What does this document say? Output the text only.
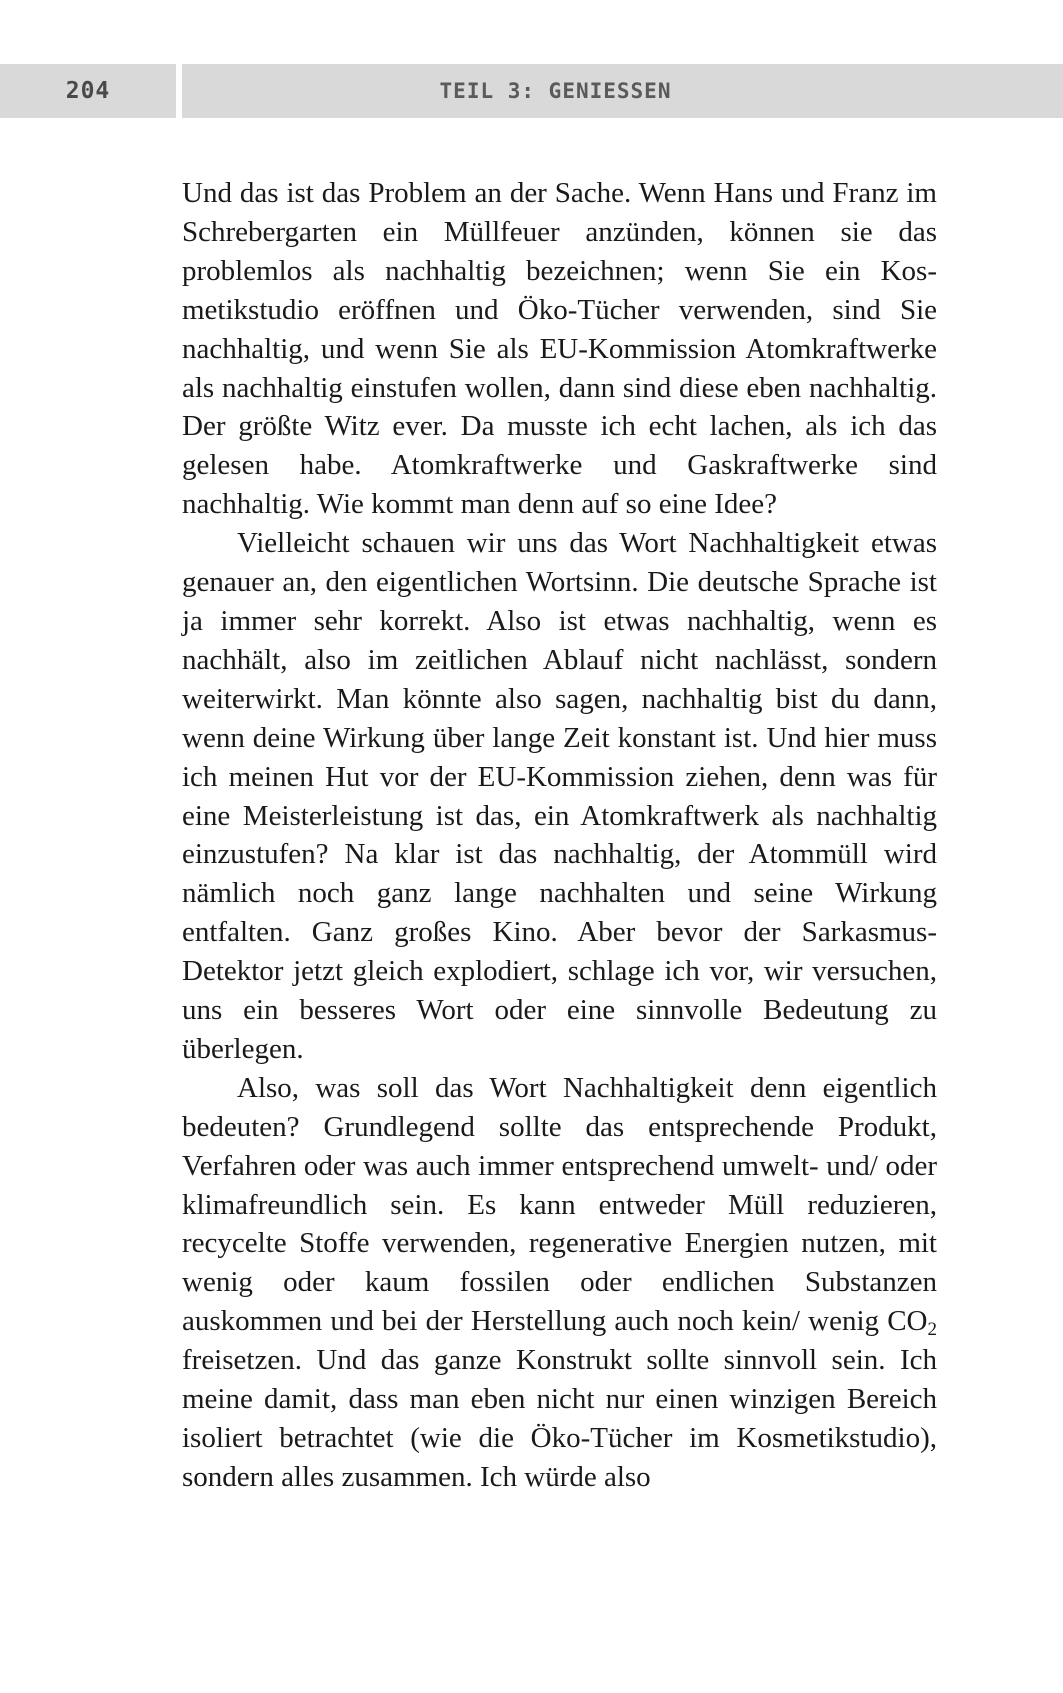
204	TEIL 3: GENIESSEN

Und das ist das Problem an der Sache. Wenn Hans und Franz im Schrebergarten ein Müllfeuer anzünden, können sie das problemlos als nachhaltig bezeichnen; wenn Sie ein Kosmetikstudio eröffnen und Öko-Tücher verwenden, sind Sie nachhaltig, und wenn Sie als EU-Kommission Atomkraftwerke als nachhaltig einstufen wollen, dann sind diese eben nachhaltig. Der größte Witz ever. Da musste ich echt lachen, als ich das gelesen habe. Atomkraftwerke und Gaskraftwerke sind nachhaltig. Wie kommt man denn auf so eine Idee?

Vielleicht schauen wir uns das Wort Nachhaltigkeit etwas genauer an, den eigentlichen Wortsinn. Die deutsche Sprache ist ja immer sehr korrekt. Also ist etwas nachhaltig, wenn es nachhält, also im zeitlichen Ablauf nicht nachlässt, sondern weiterwirkt. Man könnte also sagen, nachhaltig bist du dann, wenn deine Wirkung über lange Zeit konstant ist. Und hier muss ich meinen Hut vor der EU-Kommission ziehen, denn was für eine Meisterleistung ist das, ein Atomkraftwerk als nachhaltig einzustufen? Na klar ist das nachhaltig, der Atommüll wird nämlich noch ganz lange nachhalten und seine Wirkung entfalten. Ganz großes Kino. Aber bevor der Sarkasmus-Detektor jetzt gleich explodiert, schlage ich vor, wir versuchen, uns ein besseres Wort oder eine sinnvolle Bedeutung zu überlegen.

Also, was soll das Wort Nachhaltigkeit denn eigentlich bedeuten? Grundlegend sollte das entsprechende Produkt, Verfahren oder was auch immer entsprechend umwelt- und/ oder klimafreundlich sein. Es kann entweder Müll reduzieren, recycelte Stoffe verwenden, regenerative Energien nutzen, mit wenig oder kaum fossilen oder endlichen Substanzen auskommen und bei der Herstellung auch noch kein/ wenig $CO_2$ freisetzen. Und das ganze Konstrukt sollte sinnvoll sein. Ich meine damit, dass man eben nicht nur einen winzigen Bereich isoliert betrachtet (wie die Öko-Tücher im Kosmetikstudio), sondern alles zusammen. Ich würde also
